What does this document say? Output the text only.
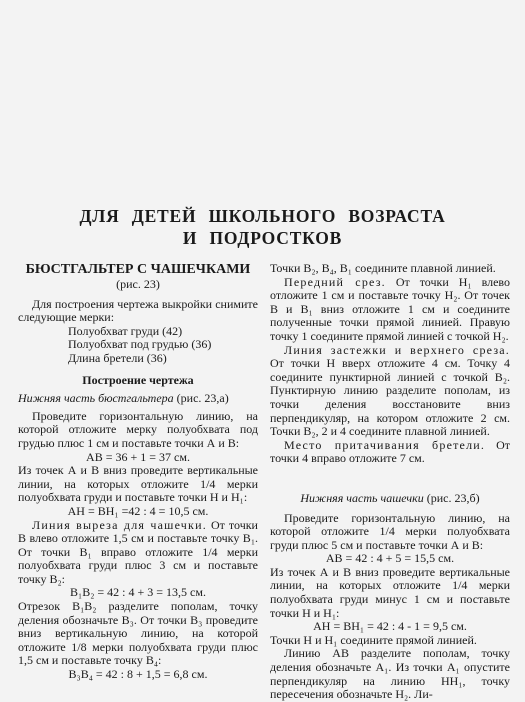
ДЛЯ ДЕТЕЙ ШКОЛЬНОГО ВОЗРАСТА
И ПОДРОСТКОВ

БЮСТГАЛЬТЕР С ЧАШЕЧКАМИ

(рис. 23)

Для построения чертежа выкройки снимите следующие мерки:

Полуобхват груди (42)

Полуобхват под грудью (36)

Длина бретели (36)

Построение чертежа

Нижняя часть бюстгальтера (рис. 23,а)

Проведите горизонтальную линию, на которой отложите мерку полуобхвата под грудью плюс 1 см и поставьте точки А и В:

AB = 36 + 1 = 37 см.

Из точек А и В вниз проведите вертикальные линии, на которых отложите 1/4 мерки полуобхвата груди и поставьте точки Н и Н₁:

АН = ВН₁ =42 : 4 = 10,5 см.

Линия выреза для чашечки. От точки В влево отложите 1,5 см и поставьте точку В₁. От точки В₁ вправо отложите 1/4 мерки полуобхвата груди плюс 3 см и поставьте точку В₂:

В₁В₂ = 42 : 4 + 3 = 13,5 см.

Отрезок В₁В₂ разделите пополам, точку деления обозначьте В₃. От точки В₃ проведите вниз вертикальную линию, на которой отложите 1/8 мерки полуобхвата груди плюс 1,5 см и поставьте точку В₄:

В₃В₄ = 42 : 8 + 1,5 = 6,8 см.

Точки В₂, В₄, В₁ соедините плавной линией.

Передний срез. От точки Н₁ влево отложите 1 см и поставьте точку Н₂. От точек В и В₁ вниз отложите 1 см и соедините полученные точки прямой линией. Правую точку 1 соедините прямой линией с точкой Н₂.

Линия застежки и верхнего среза. От точки Н вверх отложите 4 см. Точку 4 соедините пунктирной линией с точкой В₂. Пунктирную линию разделите пополам, из точки деления восстановите вниз перпендикуляр, на котором отложите 2 см. Точки В₂, 2 и 4 соедините плавной линией.

Место притачивания бретели. От точки 4 вправо отложите 7 см.

Нижняя часть чашечки (рис. 23,б)

Проведите горизонтальную линию, на которой отложите 1/4 мерки полуобхвата груди плюс 5 см и поставьте точки А и В:

AB = 42 : 4 + 5 = 15,5 см.

Из точек А и В вниз проведите вертикальные линии, на которых отложите 1/4 мерки полуобхвата груди минус 1 см и поставьте точки Н и Н₁:

АН = ВН₁ = 42 : 4 - 1 = 9,5 см.

Точки Н и Н₁ соедините прямой линией.

Линию АВ разделите пополам, точку деления обозначьте А₁. Из точки А₁ опустите перпендикуляр на линию НН₁, точку пересечения обозначьте Н₂. Ли-
